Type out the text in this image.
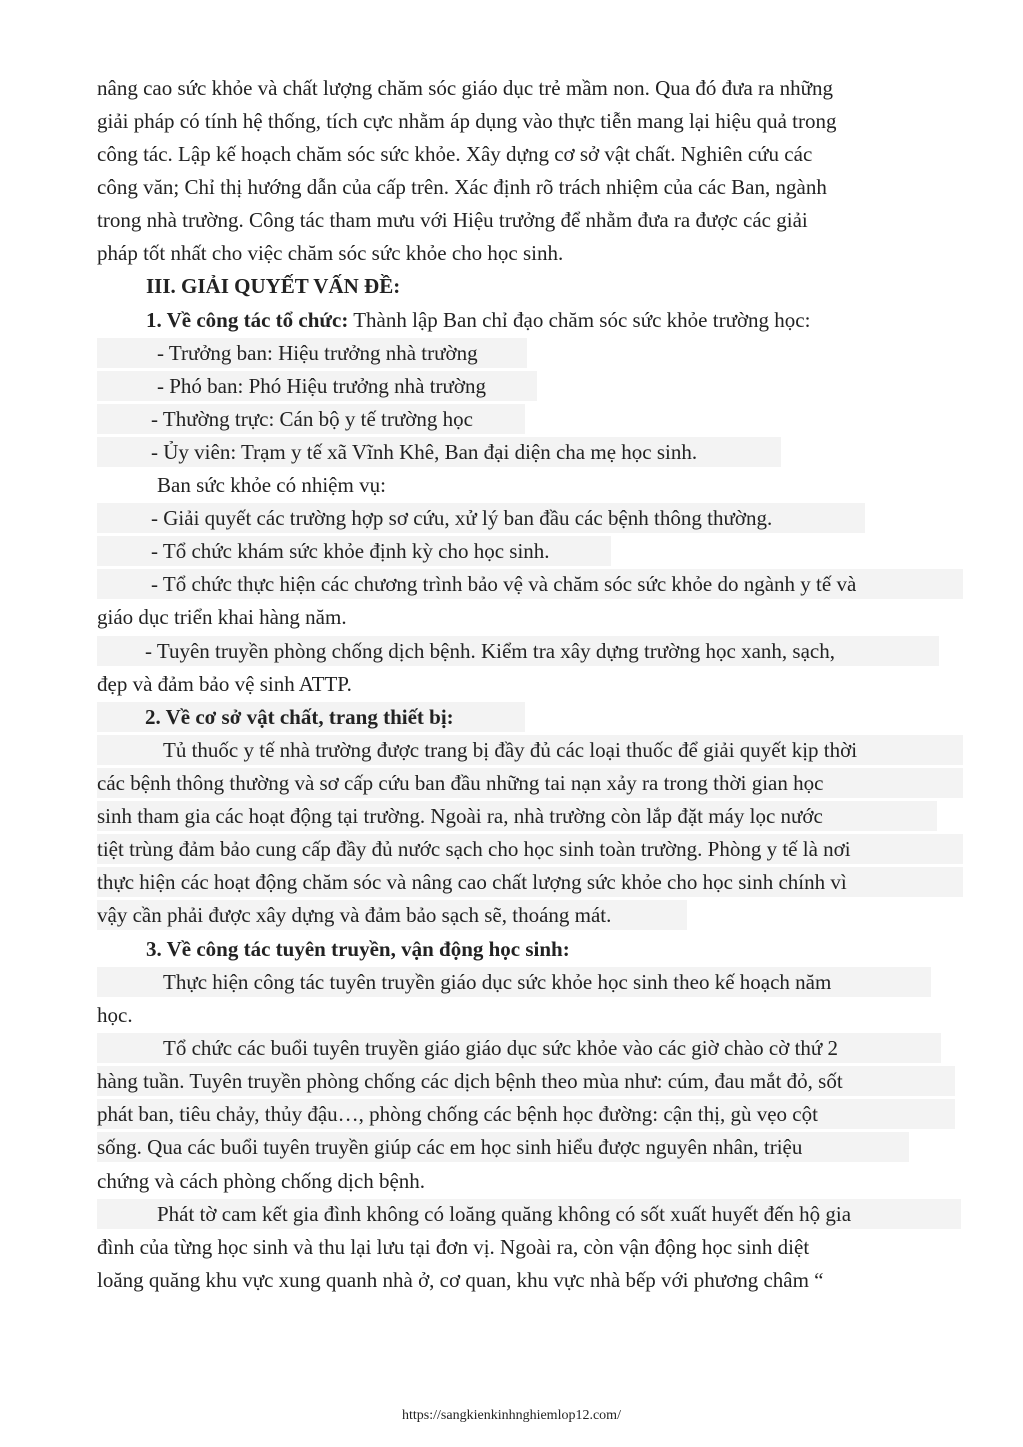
nâng cao sức khỏe và chất lượng chăm sóc giáo dục trẻ mầm non. Qua đó đưa ra những
giải pháp có tính hệ thống, tích cực nhằm áp dụng vào thực tiễn mang lại hiệu quả trong
công tác. Lập kế hoạch chăm sóc sức khỏe. Xây dựng cơ sở vật chất. Nghiên cứu các
công văn; Chỉ thị hướng dẫn của cấp trên. Xác định rõ trách nhiệm của các Ban, ngành
trong nhà trường. Công tác tham mưu với Hiệu trưởng để nhằm đưa ra được các giải
pháp tốt nhất cho việc chăm sóc sức khỏe cho học sinh.
III. GIẢI QUYẾT VẤN ĐỀ:
1. Về công tác tổ chức: Thành lập Ban chỉ đạo chăm sóc sức khỏe trường học:
- Trưởng ban: Hiệu trưởng nhà trường
- Phó ban: Phó Hiệu trưởng nhà trường
- Thường trực: Cán bộ y tế trường học
- Ủy viên: Trạm y tế xã Vĩnh Khê, Ban đại diện cha mẹ học sinh.
Ban sức khỏe có nhiệm vụ:
- Giải quyết các trường hợp sơ cứu, xử lý ban đầu các bệnh thông thường.
- Tổ chức khám sức khỏe định kỳ cho học sinh.
- Tổ chức thực hiện các chương trình bảo vệ và chăm sóc sức khỏe do ngành y tế và
giáo dục triển khai hàng năm.
- Tuyên truyền phòng chống dịch bệnh. Kiểm tra xây dựng trường học xanh, sạch,
đẹp và đảm bảo vệ sinh ATTP.
2. Về cơ sở vật chất, trang thiết bị:
Tủ thuốc y tế nhà trường được trang bị đầy đủ các loại thuốc để giải quyết kịp thời
các bệnh thông thường và sơ cấp cứu ban đầu những tai nạn xảy ra trong thời gian học
sinh tham gia các hoạt động tại trường. Ngoài ra, nhà trường còn lắp đặt máy lọc nước
tiệt trùng đảm bảo cung cấp đầy đủ nước sạch cho học sinh toàn trường. Phòng y tế là nơi
thực hiện các hoạt động chăm sóc và nâng cao chất lượng sức khỏe cho học sinh chính vì
vậy cần phải được xây dựng và đảm bảo sạch sẽ, thoáng mát.
3. Về công tác tuyên truyền, vận động học sinh:
Thực hiện công tác tuyên truyền giáo dục sức khỏe học sinh theo kế hoạch năm
học.
Tổ chức các buổi tuyên truyền giáo giáo dục sức khỏe vào các giờ chào cờ thứ 2
hàng tuần. Tuyên truyền phòng chống các dịch bệnh theo mùa như: cúm, đau mắt đỏ, sốt
phát ban, tiêu chảy, thủy đậu…, phòng chống các bệnh học đường: cận thị, gù vẹo cột
sống. Qua các buổi tuyên truyền giúp các em học sinh hiểu được nguyên nhân, triệu
chứng và cách phòng chống dịch bệnh.
Phát tờ cam kết gia đình không có loăng quăng không có sốt xuất huyết đến hộ gia
đình của từng học sinh và thu lại lưu tại đơn vị. Ngoài ra, còn vận động học sinh diệt
loăng quăng khu vực xung quanh nhà ở, cơ quan, khu vực nhà bếp với phương châm “
https://sangkienkinhnghiemlop12.com/
